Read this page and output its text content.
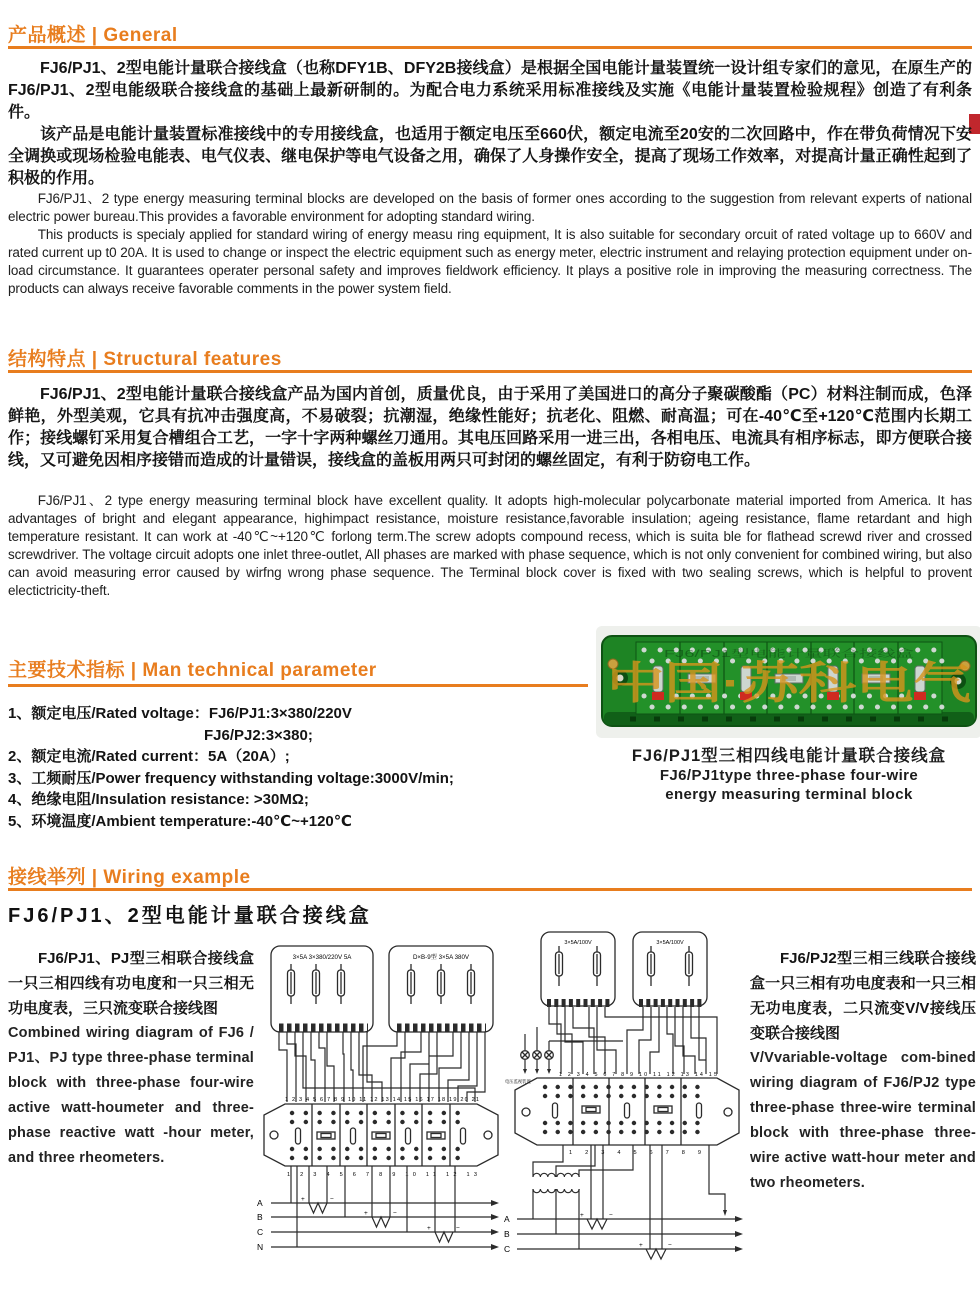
产品概述 | General

FJ6/PJ1、2型电能计量联合接线盒（也称DFY1B、DFY2B接线盒）是根据全国电能计量装置统一设计组专家们的意见，在原生产的FJ6/PJ1、2型电能级联合接线盒的基础上最新研制的。为配合电力系统采用标准接线及实施《电能计量装置检验规程》创造了有利条件。

该产品是电能计量装置标准接线中的专用接线盒，也适用于额定电压至660伏，额定电流至20安的二次回路中，作在带负荷情况下安全调换或现场检验电能表、电气仪表、继电保护等电气设备之用，确保了人身操作安全，提高了现场工作效率，对提高计量正确性起到了积极的作用。

FJ6/PJ1、2 type energy measuring terminal blocks are developed on the basis of former ones according to the suggestion from relevant experts of national electric power bureau.This provides a favorable environment for adopting standard wiring.

This products is specialy applied for standard wiring of energy measu ring equipment, It is also suitable for secondary orcuit of rated voltage up to 660V and rated current up t0 20A. It is used to change or inspect the electric equipment such as energy meter, electric instrument and relaying protection equipment under on-load circumstance. It guarantees operater personal safety and improves fieldwork efficiency. It plays a positive role in improving the measuring correctness. The products can always receive favorable comments in the power system field.

结构特点 | Structural features

FJ6/PJ1、2型电能计量联合接线盒产品为国内首创，质量优良，由于采用了美国进口的高分子聚碳酸酯（PC）材料注制而成，色泽鲜艳，外型美观，它具有抗冲击强度高，不易破裂；抗潮湿，绝缘性能好；抗老化、阻燃、耐高温；可在-40℃至+120℃范围内长期工作；接线螺钉采用复合槽组合工艺，一字十字两种螺丝刀通用。其电压回路采用一进三出，各相电压、电流具有相序标志，即方便联合接线，又可避免因相序接错而造成的计量错误，接线盒的盖板用两只可封闭的螺丝固定，有利于防窃电工作。

FJ6/PJ1、2 type energy measuring terminal block have excellent quality. It adopts high-molecular polycarbonate material imported from America. It has advantages of bright and elegant appearance, highimpact resistance, moisture resistance,favorable insulation; ageing resistance, flame retardant and high temperature resistant. It can work at -40℃~+120℃ forlong term.The screw adopts compound recess, which is suita ble for flathead screwd river and crossed screwdriver. The voltage circuit adopts one inlet three-outlet, All phases are marked with phase sequence, which is not only convenient for combined wiring, but also can avoid measuring error caused by wirfng wrong phase sequence. The Terminal block cover is fixed with two sealing screws, which is helpful to provent electictricity-theft.

主要技术指标 | Man technical parameter
1、额定电压/Rated voltage：FJ6/PJ1:3×380/220V
FJ6/PJ2:3×380;
2、额定电流/Rated current：5A（20A）;
3、工频耐压/Power frequency withstanding voltage:3000V/min;
4、绝缘电阻/Insulation resistance: >30MΩ;
5、环境温度/Ambient temperature:-40℃~+120℃
FJ6/PJ1型电能计量联合接线盒
中国·苏科电气

FJ6/PJ1型三相四线电能计量联合接线盒

FJ6/PJ1type three-phase four-wire

energy measuring terminal block

接线举列 | Wiring example
FJ6/PJ1、2型电能计量联合接线盒

FJ6/PJ1、PJ型三相联合接线盒一只三相四线有功电度和一只三相无功电度表，三只流变联合接线图

Combined wiring diagram of FJ6 / PJ1、PJ type three-phase terminal block with three-phase four-wire active watt-houmeter and three-phase reactive watt -hour meter, and three rheometers.

FJ6/PJ2型三相三线联合接线盒一只三相有功电度表和一只三相无功电度表，二只流变V/V接线压变联合接线图

V/Vvariable-voltage com-bined wiring diagram of FJ6/PJ2 type three-phase three-wire terminal block with three-phase three- wire active watt-hour meter and two rheometers.

3×5A 3×380/220V 5A	D×B-9型 3×5A 380V
1 2 3 4 5 6 7 8 9 10 11 12 13 14 15 16 17 18 19 20 21
1 2 3 4 5 6 7 8 9 10 11 12 13
A
B
C
N
+	−
+	−
+	−
3×5A/100V	3×5A/100V
电压监视装置
1 2 3 4 5 6 7 8 9 10 11 12 13 14 15
1 2 3 4 5 6 7 8 9
A
B
C
+	−
+	−
